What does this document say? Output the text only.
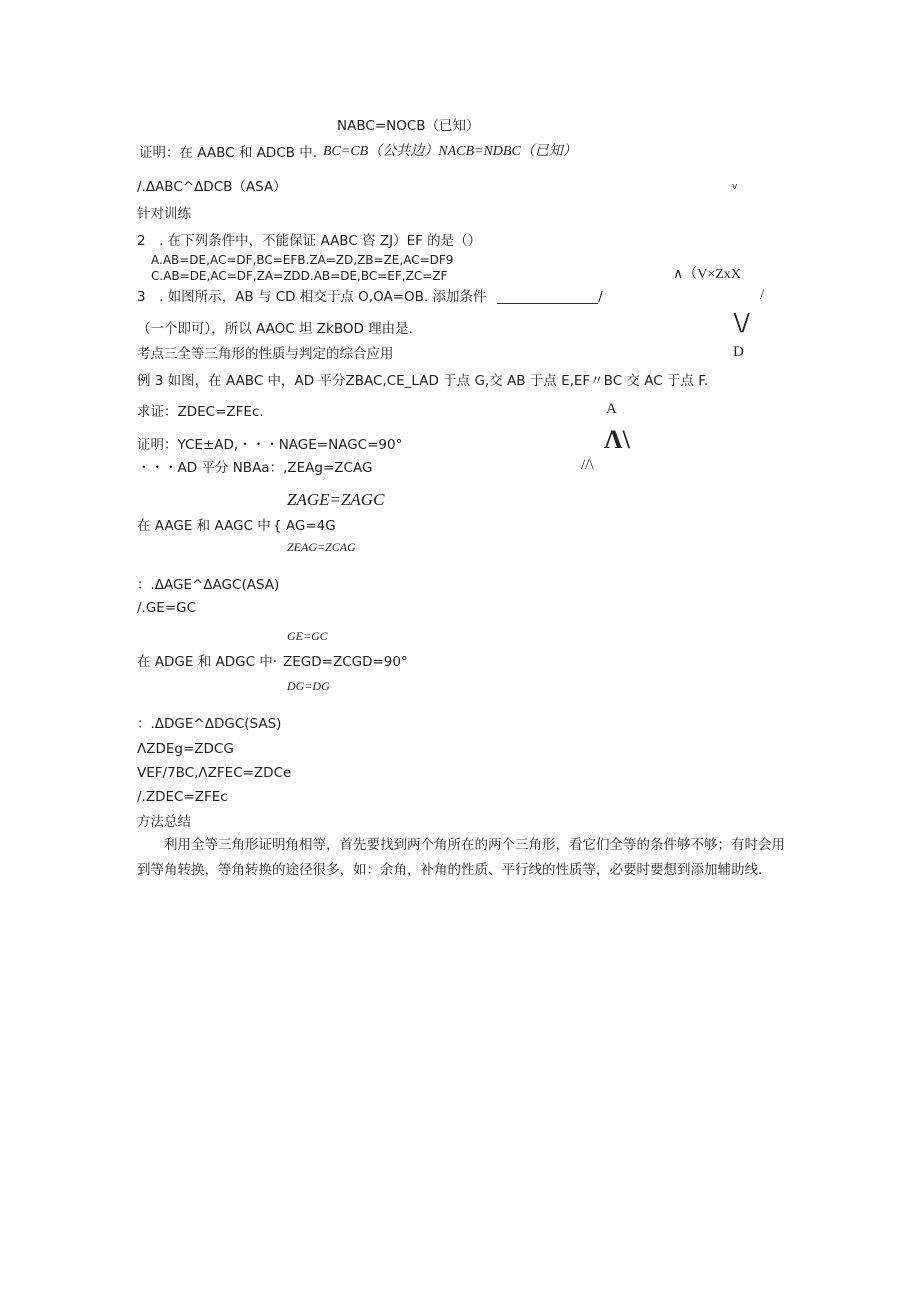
NABC=NOCB（已知）
证明：在 AABC 和 ADCB 中. BC=CB（公共边）NACB=NDBC（已知）
/.ΔABC^ΔDCB（ASA）	v
针对训练
2　. 在下列条件中，不能保证 AABC 咨 ZJ）EF 的是（）
A.AB=DE,AC=DF,BC=EFB.ZA=ZD,ZB=ZE,AC=DF9
C.AB=DE,AC=DF,ZA=ZDD.AB=DE,BC=EF,ZC=ZF	∧（V×ZxX
3　. 如图所示，AB 与 CD 相交于点 O,OA=OB. 添加条件 _______________/	/
（一个即可），所以 AAOC 坦 ZkBOD 理由是.	\/
考点三全等三角形的性质与判定的综合应用	D
例 3 如图，在 AABC 中，AD 平分ZBAC,CE_LAD 于点 G,交 AB 于点 E,EF〃BC 交 AC 于点 F.
A
求证：ZDEC=ZFEc.
Λ\
证明：YCE±AD,・・・NAGE=NAGC=90°
・・・AD 平分 NBAa：,ZEAg=ZCAG	//\
ZAGE=ZAGC
在 AAGE 和 AAGC 中 { AG=4G
ZEAG=ZCAG
：.ΔAGE^ΔAGC(ASA)
/.GE=GC
GE=GC
在 ADGE 和 ADGC 中· ZEGD=ZCGD=90°
DG=DG
：.ΔDGE^ΔDGC(SAS)
ΛZDEg=ZDCG
VEF/7BC,ΛZFEC=ZDCe
/.ZDEC=ZFEc
方法总结
利用全等三角形证明角相等，首先要找到两个角所在的两个三角形，看它们全等的条件够不够；有时会用到等角转换，等角转换的途径很多，如：余角，补角的性质、平行线的性质等，必要时要想到添加辅助线.
